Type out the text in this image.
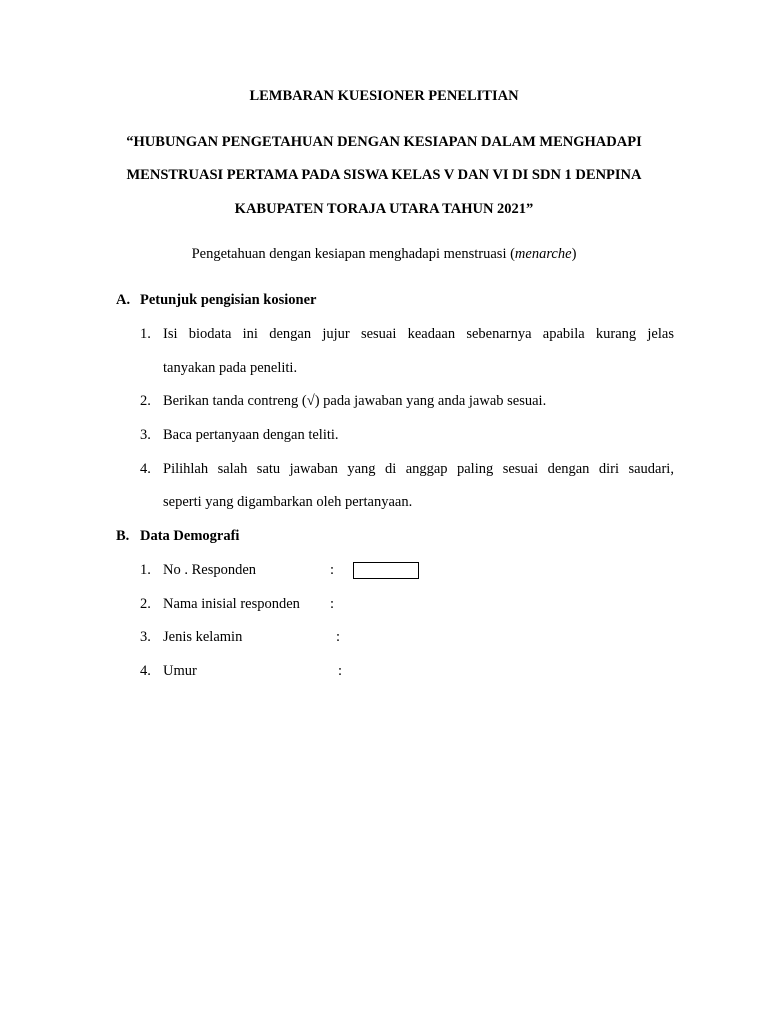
LEMBARAN KUESIONER PENELITIAN
“HUBUNGAN PENGETAHUAN DENGAN KESIAPAN DALAM MENGHADAPI
MENSTRUASI PERTAMA PADA SISWA KELAS V DAN VI DI SDN 1 DENPINA
KABUPATEN TORAJA UTARA TAHUN 2021”
Pengetahuan dengan kesiapan menghadapi menstruasi (menarche)
A. Petunjuk pengisian kosioner
1. Isi biodata ini dengan jujur sesuai keadaan sebenarnya apabila kurang jelas
tanyakan pada peneliti.
2. Berikan tanda contreng (√) pada jawaban yang anda jawab sesuai.
3. Baca pertanyaan dengan teliti.
4. Pilihlah salah satu jawaban yang di anggap paling sesuai dengan diri saudari,
seperti yang digambarkan oleh pertanyaan.
B. Data Demografi
1. No . Responden	:
2. Nama inisial responden :
3. Jenis kelamin	:
4. Umur	:
